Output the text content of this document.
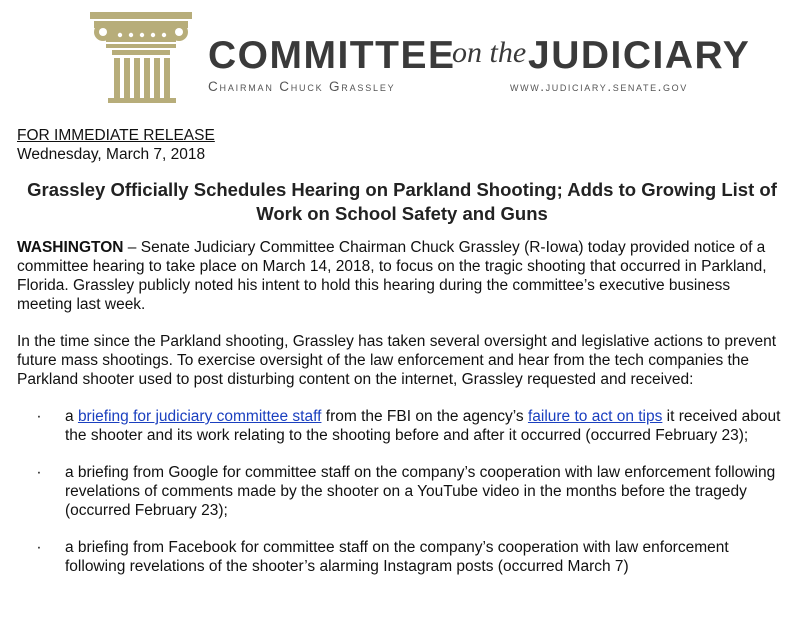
COMMITTEE
on the JUDICIARY
Chairman Chuck Grassley	www.judiciary.senate.gov
FOR IMMEDIATE RELEASE
Wednesday, March 7, 2018
Grassley Officially Schedules Hearing on Parkland Shooting; Adds to Growing List of Work on School Safety and Guns

WASHINGTON – Senate Judiciary Committee Chairman Chuck Grassley (R-Iowa) today provided notice of a committee hearing to take place on March 14, 2018, to focus on the tragic shooting that occurred in Parkland, Florida. Grassley publicly noted his intent to hold this hearing during the committee’s executive business meeting last week.

In the time since the Parkland shooting, Grassley has taken several oversight and legislative actions to prevent future mass shootings. To exercise oversight of the law enforcement and hear from the tech companies the Parkland shooter used to post disturbing content on the internet, Grassley requested and received:

·	a briefing for judiciary committee staff from the FBI on the agency’s failure to act on tips it received about the shooter and its work relating to the shooting before and after it occurred (occurred February 23);
·	a briefing from Google for committee staff on the company’s cooperation with law enforcement following revelations of comments made by the shooter on a YouTube video in the months before the tragedy (occurred February 23);
·	a briefing from Facebook for committee staff on the company’s cooperation with law enforcement following revelations of the shooter’s alarming Instagram posts (occurred March 7)
